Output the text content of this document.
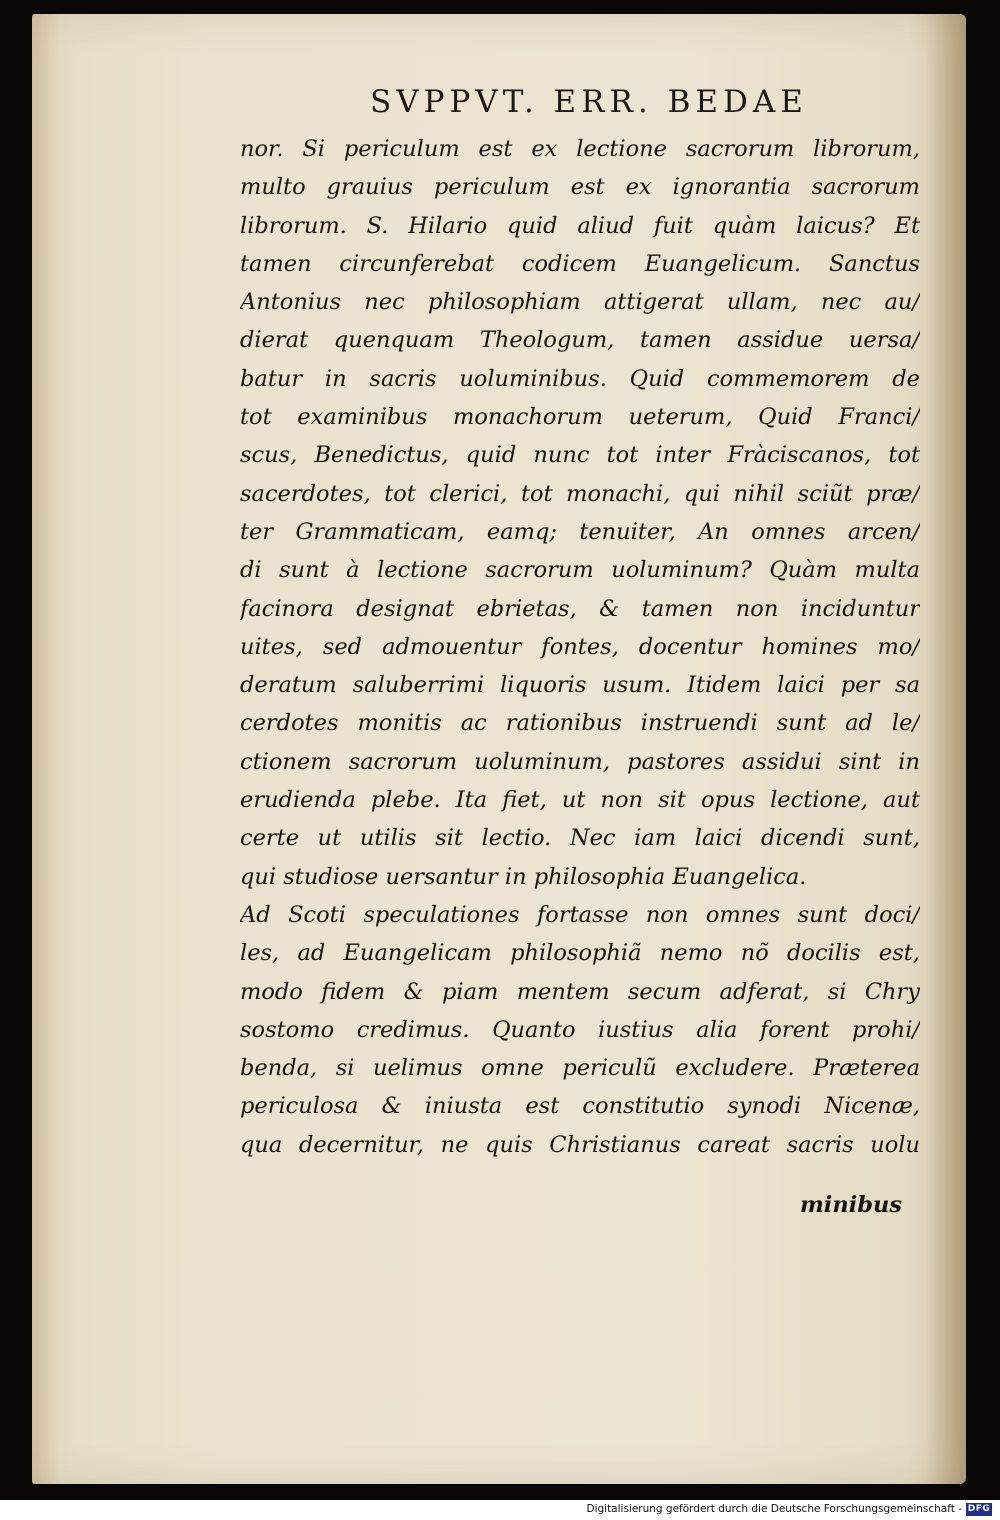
SVPPVT. ERR. BEDAE
nor. Si periculum est ex lectione sacrorum librorum,
multo grauius periculum est ex ignorantia sacrorum
librorum. S. Hilario quid aliud fuit quàm laicus? Et
tamen circunferebat codicem Euangelicum. Sanctus
Antonius nec philosophiam attigerat ullam, nec au/
dierat quenquam Theologum, tamen assidue uersa/
batur in sacris uoluminibus. Quid commemorem de
tot examinibus monachorum ueterum, Quid Franci/
scus, Benedictus, quid nunc tot inter Fràciscanos, tot
sacerdotes, tot clerici, tot monachi, qui nihil sciũt præ/
ter Grammaticam, eamq; tenuiter, An omnes arcen/
di sunt à lectione sacrorum uoluminum? Quàm multa
facinora designat ebrietas, & tamen non inciduntur
uites, sed admouentur fontes, docentur homines mo/
deratum saluberrimi liquoris usum. Itidem laici per sa
cerdotes monitis ac rationibus instruendi sunt ad le/
ctionem sacrorum uoluminum, pastores assidui sint in
erudienda plebe. Ita fiet, ut non sit opus lectione, aut
certe ut utilis sit lectio. Nec iam laici dicendi sunt,
qui studiose uersantur in philosophia Euangelica.
Ad Scoti speculationes fortasse non omnes sunt doci/
les, ad Euangelicam philosophiã nemo nõ docilis est,
modo fidem & piam mentem secum adferat, si Chry
sostomo credimus. Quanto iustius alia forent prohi/
benda, si uelimus omne periculũ excludere. Præterea
periculosa & iniusta est constitutio synodi Nicenæ,
qua decernitur, ne quis Christianus careat sacris uolu
minibus
Digitalisierung gefördert durch die Deutsche Forschungsgemeinschaft - DFG
